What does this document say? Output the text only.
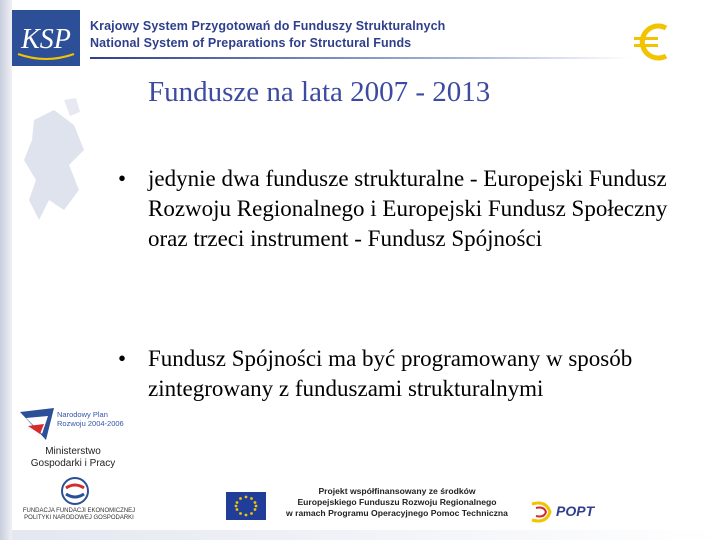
KSP Krajowy System Przygotowań do Funduszy Strukturalnych
National System of Preparations for Structural Funds
Fundusze na lata 2007 - 2013
• jedynie dwa fundusze strukturalne - Europejski Fundusz Rozwoju Regionalnego i Europejski Fundusz Społeczny oraz trzeci instrument - Fundusz Spójności
• Fundusz Spójności ma być programowany w sposób zintegrowany z funduszami strukturalnymi
Narodowy Plan
Rozwoju 2004-2006
Ministerstwo
Gospodarki i Pracy
FUNDACJA FUNDACJI EKONOMICZNEJ
POLITYKI NARODOWEJ GOSPODARKI
Projekt współfinansowany ze środków
Europejskiego Funduszu Rozwoju Regionalnego
w ramach Programu Operacyjnego Pomoc Techniczna	POPT
